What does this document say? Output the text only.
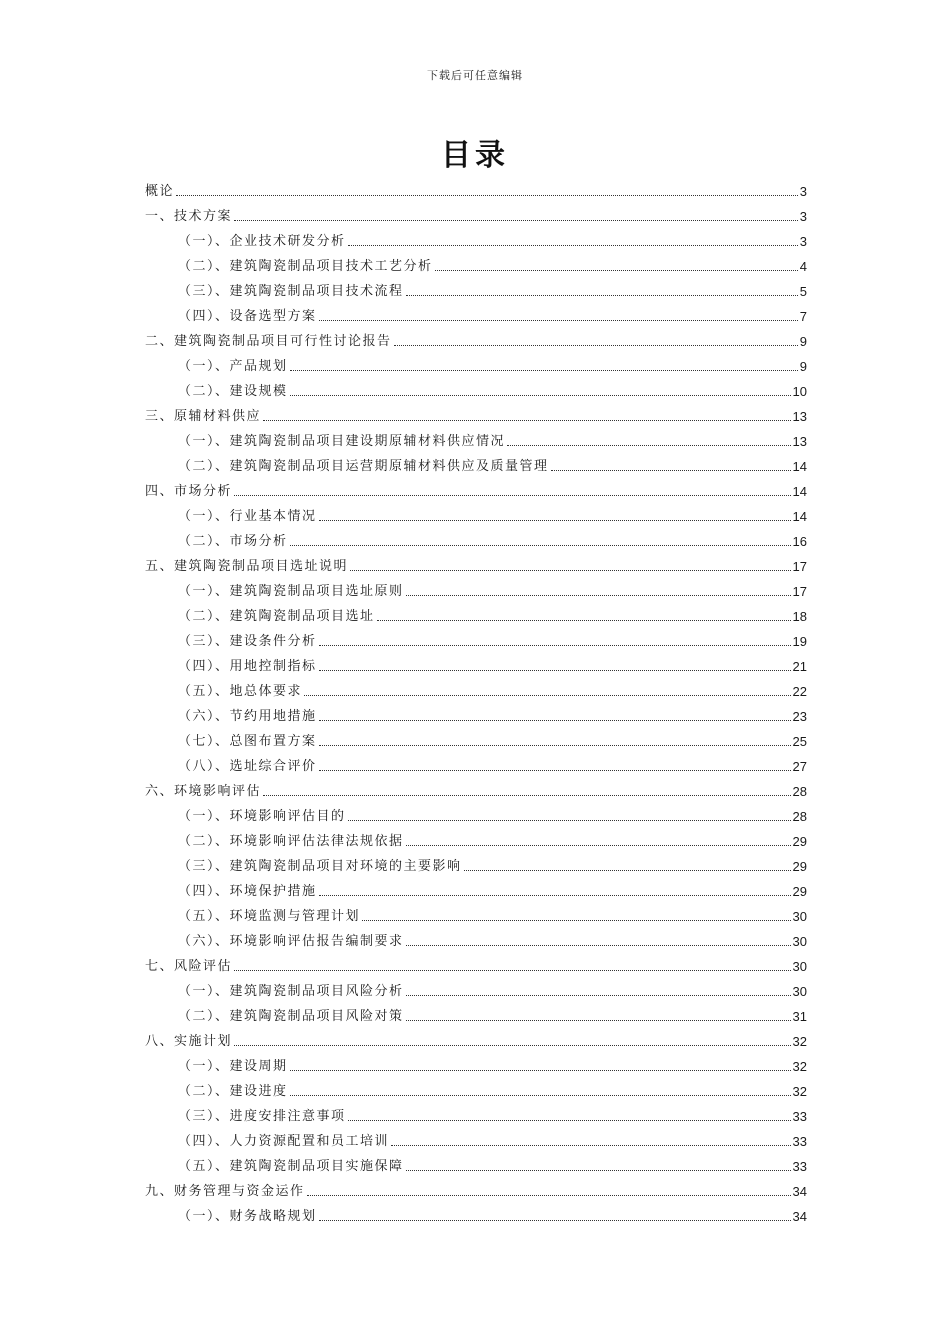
下载后可任意编辑
目录
概论	3
一、技术方案	3
（一）、企业技术研发分析	3
（二）、建筑陶瓷制品项目技术工艺分析	4
（三）、建筑陶瓷制品项目技术流程	5
（四）、设备选型方案	7
二、建筑陶瓷制品项目可行性讨论报告	9
（一）、产品规划	9
（二）、建设规模	10
三、原辅材料供应	13
（一）、建筑陶瓷制品项目建设期原辅材料供应情况	13
（二）、建筑陶瓷制品项目运营期原辅材料供应及质量管理	14
四、市场分析	14
（一）、行业基本情况	14
（二）、市场分析	16
五、建筑陶瓷制品项目选址说明	17
（一）、建筑陶瓷制品项目选址原则	17
（二）、建筑陶瓷制品项目选址	18
（三）、建设条件分析	19
（四）、用地控制指标	21
（五）、地总体要求	22
（六）、节约用地措施	23
（七）、总图布置方案	25
（八）、选址综合评价	27
六、环境影响评估	28
（一）、环境影响评估目的	28
（二）、环境影响评估法律法规依据	29
（三）、建筑陶瓷制品项目对环境的主要影响	29
（四）、环境保护措施	29
（五）、环境监测与管理计划	30
（六）、环境影响评估报告编制要求	30
七、风险评估	30
（一）、建筑陶瓷制品项目风险分析	30
（二）、建筑陶瓷制品项目风险对策	31
八、实施计划	32
（一）、建设周期	32
（二）、建设进度	32
（三）、进度安排注意事项	33
（四）、人力资源配置和员工培训	33
（五）、建筑陶瓷制品项目实施保障	33
九、财务管理与资金运作	34
（一）、财务战略规划	34
